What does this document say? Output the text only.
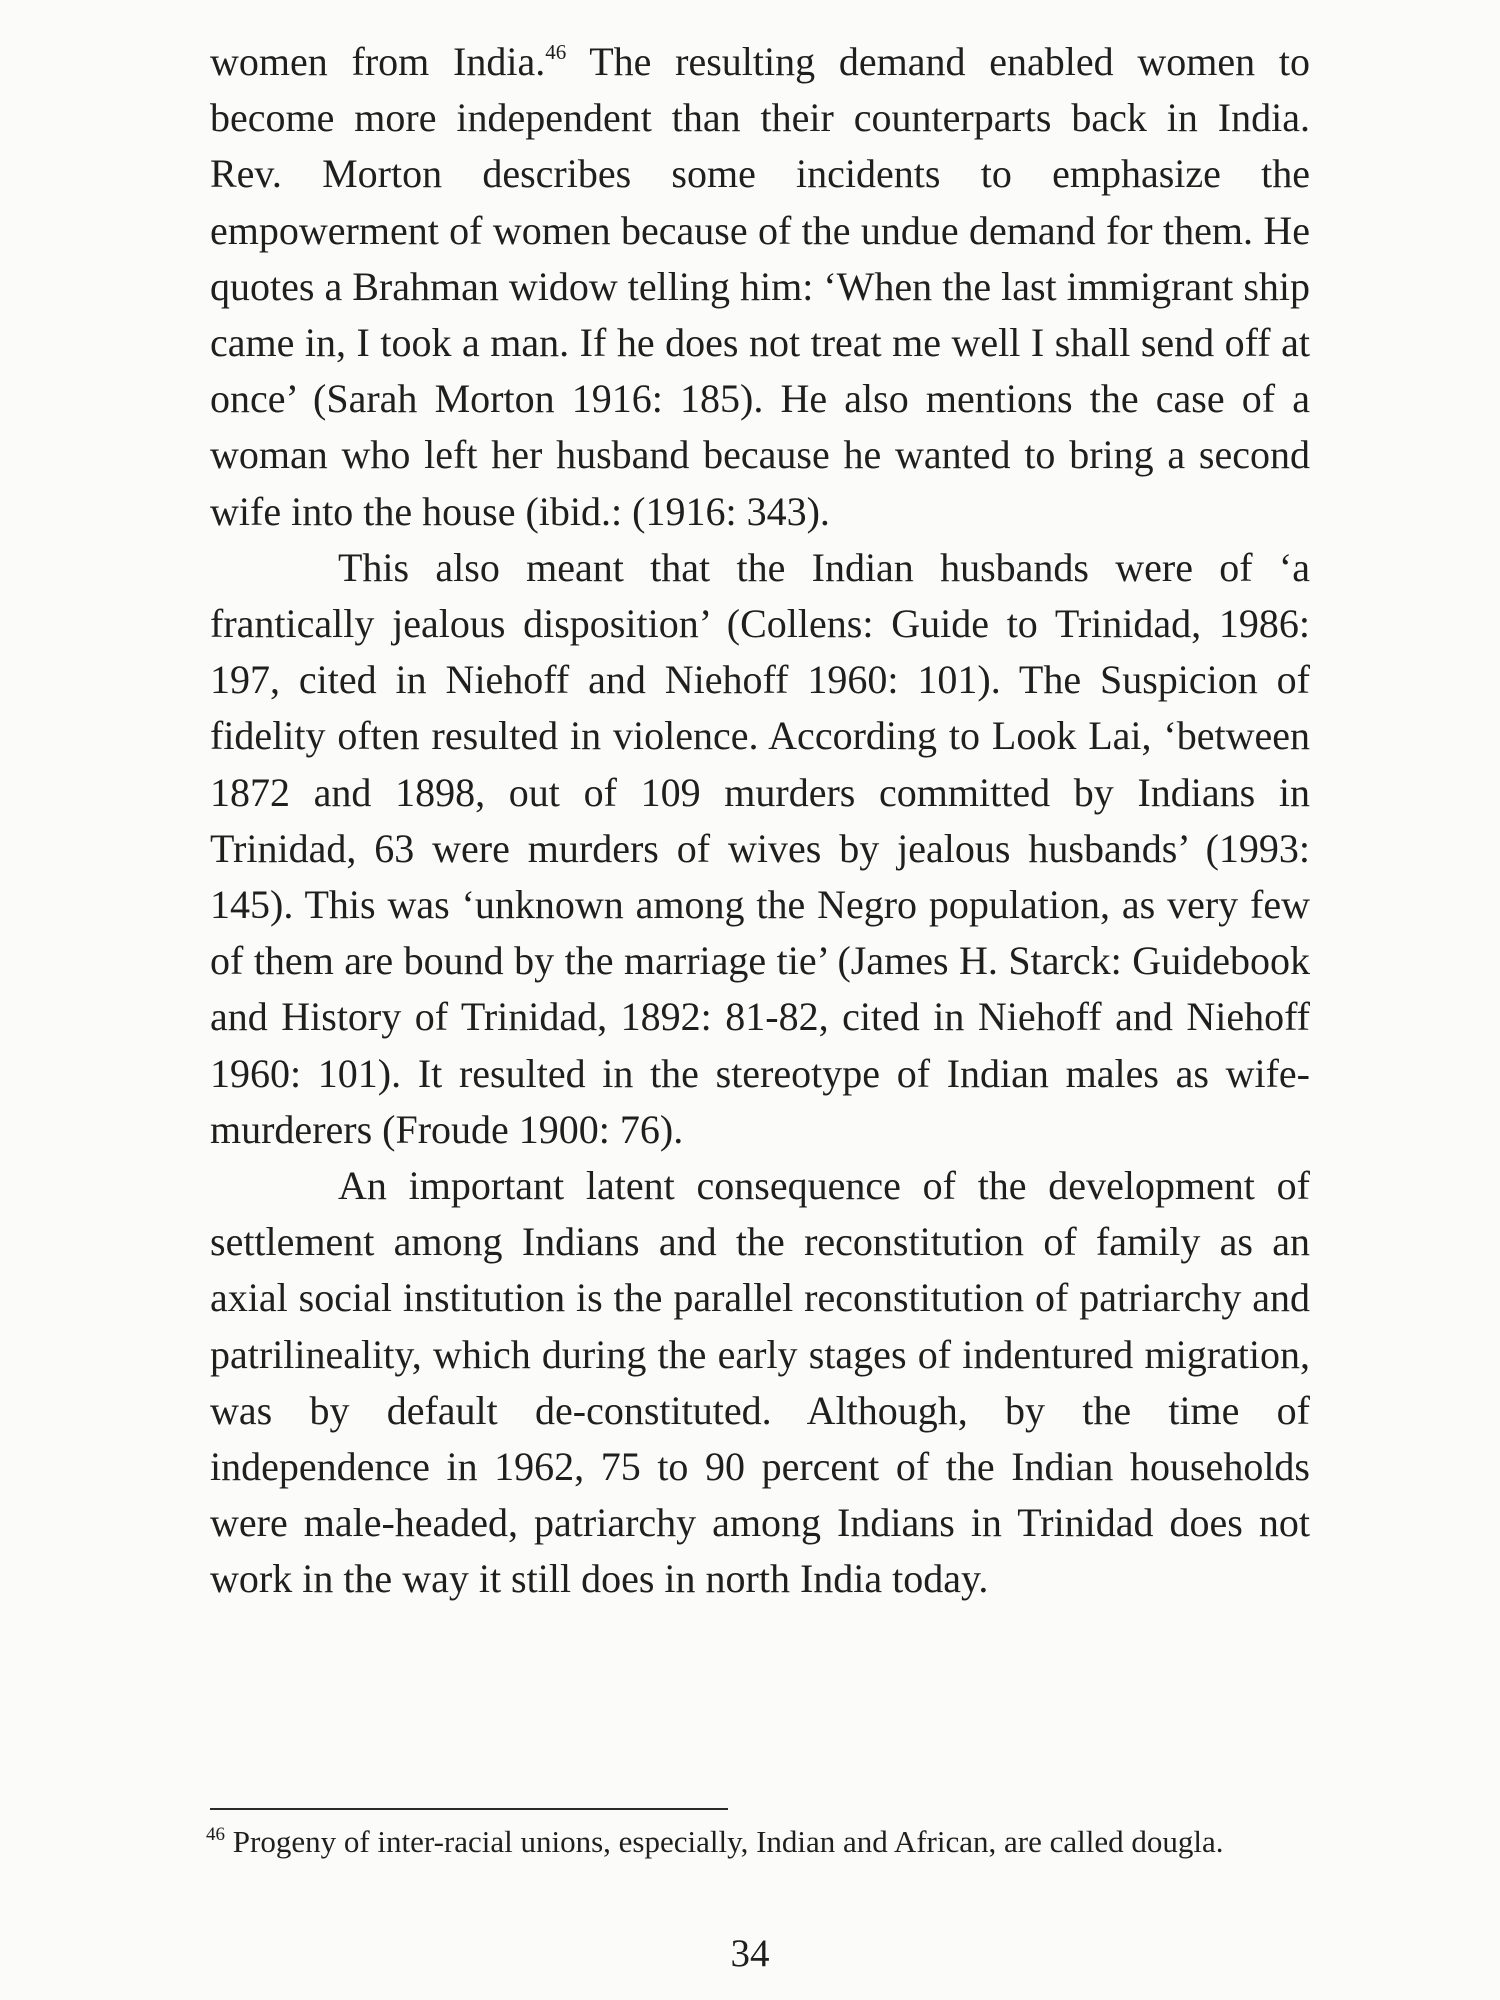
women from India.$^{46}$ The resulting demand enabled women to become more independent than their counterparts back in India. Rev. Morton describes some incidents to emphasize the empowerment of women because of the undue demand for them. He quotes a Brahman widow telling him: ‘When the last immigrant ship came in, I took a man. If he does not treat me well I shall send off at once’ (Sarah Morton 1916: 185). He also mentions the case of a woman who left her husband because he wanted to bring a second wife into the house (ibid.: (1916: 343).

This also meant that the Indian husbands were of ‘a frantically jealous disposition’ (Collens: Guide to Trinidad, 1986: 197, cited in Niehoff and Niehoff 1960: 101). The Suspicion of fidelity often resulted in violence. According to Look Lai, ‘between 1872 and 1898, out of 109 murders committed by Indians in Trinidad, 63 were murders of wives by jealous husbands’ (1993: 145). This was ‘unknown among the Negro population, as very few of them are bound by the marriage tie’ (James H. Starck: Guidebook and History of Trinidad, 1892: 81-82, cited in Niehoff and Niehoff 1960: 101). It resulted in the stereotype of Indian males as wife-murderers (Froude 1900: 76).

An important latent consequence of the development of settlement among Indians and the reconstitution of family as an axial social institution is the parallel reconstitution of patriarchy and patrilineality, which during the early stages of indentured migration, was by default de-constituted. Although, by the time of independence in 1962, 75 to 90 percent of the Indian households were male-headed, patriarchy among Indians in Trinidad does not work in the way it still does in north India today.

$^{46}$ Progeny of inter-racial unions, especially, Indian and African, are called dougla.
34
